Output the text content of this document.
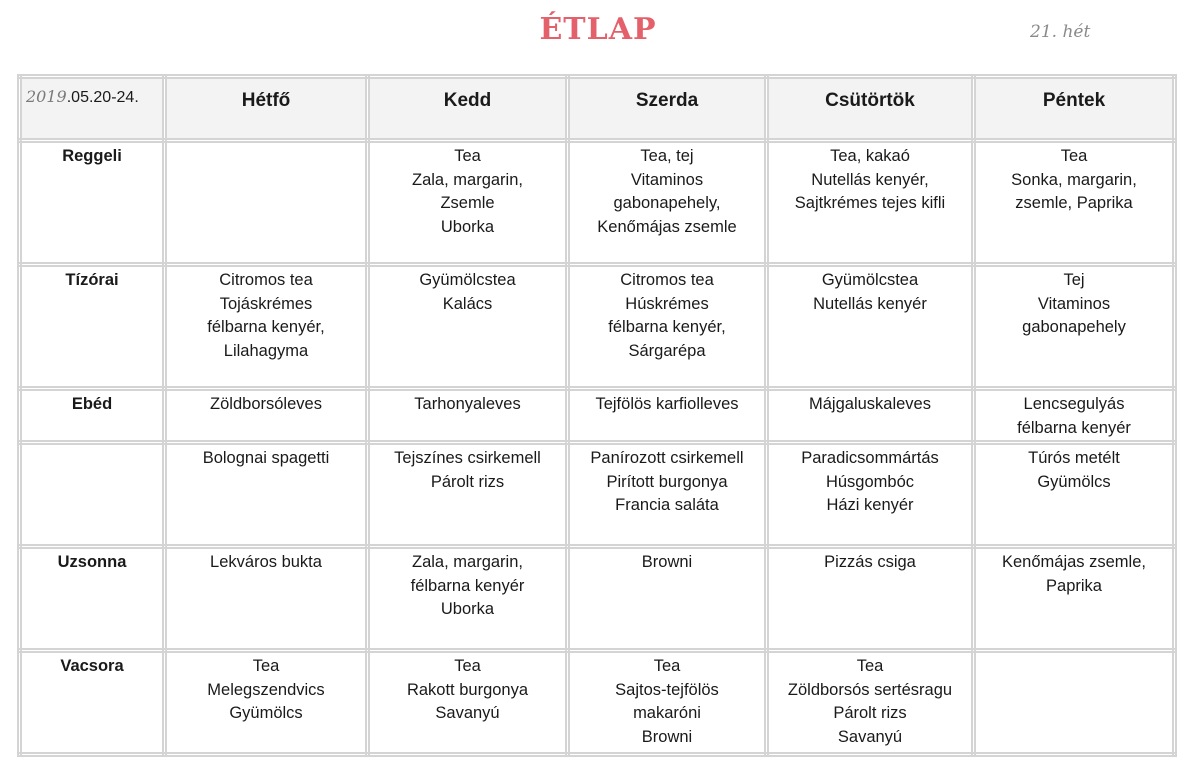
ÉTLAP	21. hét
2019.05.20-24.	Hétfő	Kedd	Szerda	Csütörtök	Péntek
Reggeli		Tea
Zala, margarin,
Zsemle
Uborka	Tea, tej
Vitaminos
gabonapehely,
Kenőmájas zsemle	Tea, kakaó
Nutellás kenyér,
Sajtkrémes tejes kifli	Tea
Sonka, margarin,
zsemle, Paprika

Tízórai	Citromos tea
Tojáskrémes
félbarna kenyér,
Lilahagyma	Gyümölcstea
Kalács	Citromos tea
Húskrémes
félbarna kenyér,
Sárgarépa	Gyümölcstea
Nutellás kenyér	Tej
Vitaminos
gabonapehely

Ebéd	Zöldborsóleves	Tarhonyaleves	Tejfölös karfiolleves	Májgaluskaleves	Lencsegulyás
félbarna kenyér

	Bolognai spagetti	Tejszínes csirkemell
Párolt rizs	Panírozott csirkemell
Pirított burgonya
Francia saláta	Paradicsommártás
Húsgombóc
Házi kenyér	Túrós metélt
Gyümölcs

Uzsonna	Lekváros bukta	Zala, margarin,
félbarna kenyér
Uborka	Browni	Pizzás csiga	Kenőmájas zsemle,
Paprika

Vacsora	Tea
Melegszendvics
Gyümölcs	Tea
Rakott burgonya
Savanyú	Tea
Sajtos-tejfölös
makaróni
Browni	Tea
Zöldborsós sertésragu
Párolt rizs
Savanyú	
